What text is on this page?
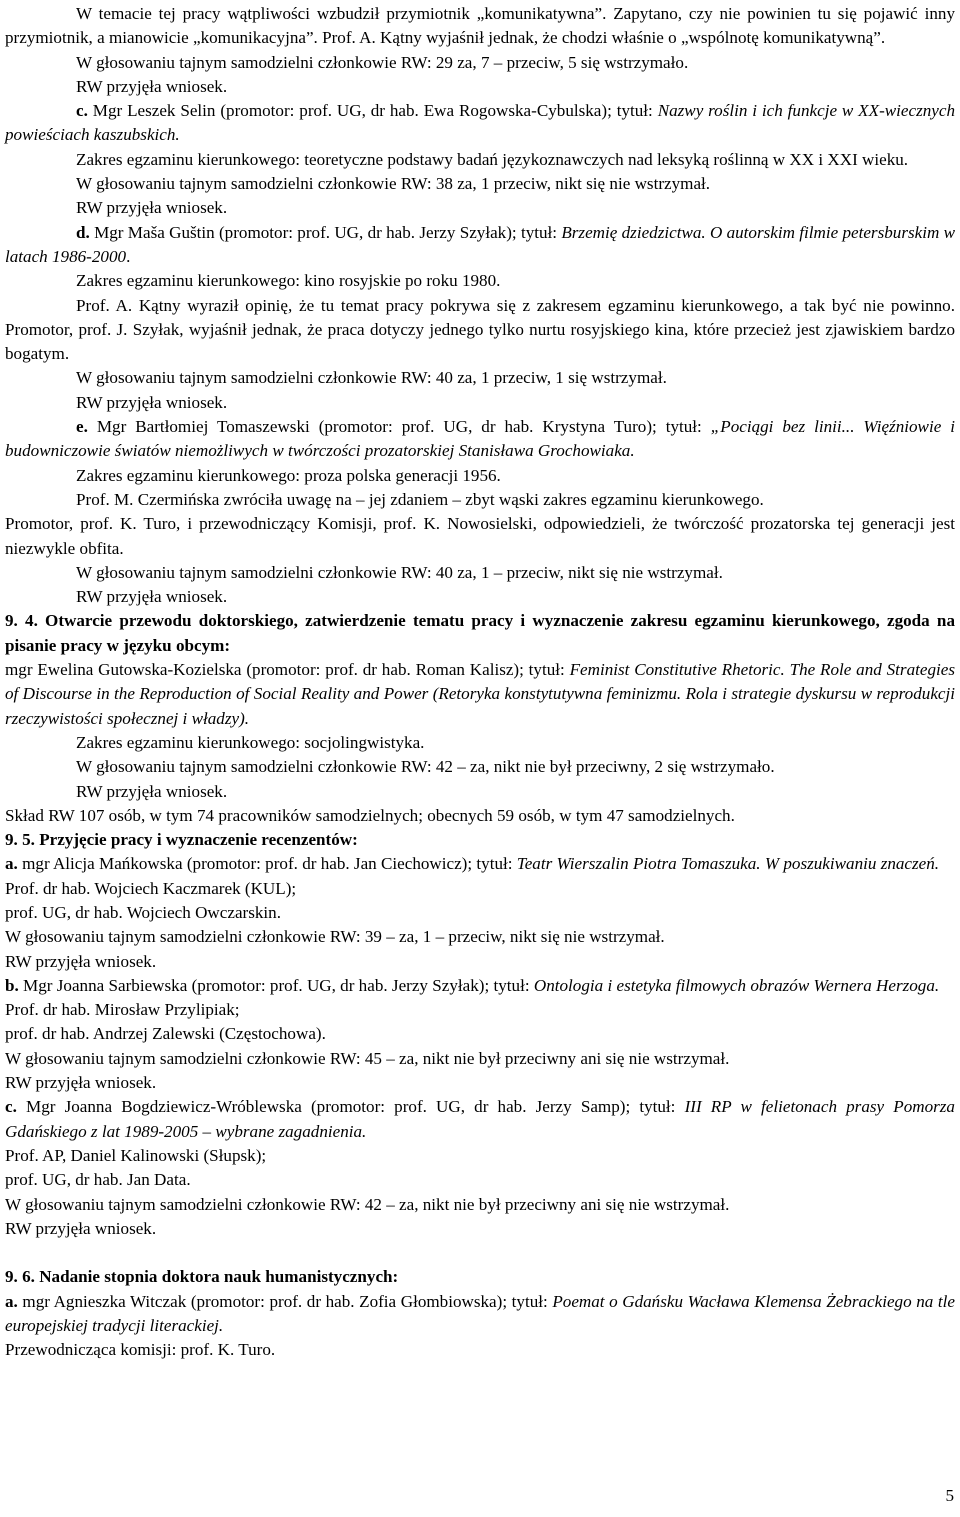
W temacie tej pracy wątpliwości wzbudził przymiotnik „komunikatywna”. Zapytano, czy nie powinien tu się pojawić inny przymiotnik, a mianowicie „komunikacyjna”. Prof. A. Kątny wyjaśnił jednak, że chodzi właśnie o „wspólnotę komunikatywną”.

W głosowaniu tajnym samodzielni członkowie RW: 29 za, 7 – przeciw, 5 się wstrzymało.

RW przyjęła wniosek.

c. Mgr Leszek Selin (promotor: prof. UG, dr hab. Ewa Rogowska-Cybulska); tytuł: Nazwy roślin i ich funkcje w XX-wiecznych powieściach kaszubskich.

Zakres egzaminu kierunkowego: teoretyczne podstawy badań językoznawczych nad leksyką roślinną w XX i XXI wieku.

W głosowaniu tajnym samodzielni członkowie RW: 38 za, 1 przeciw, nikt się nie wstrzymał.

RW przyjęła wniosek.

d. Mgr Maša Guštin (promotor: prof. UG, dr hab. Jerzy Szyłak); tytuł: Brzemię dziedzictwa. O autorskim filmie petersburskim w latach 1986-2000.

Zakres egzaminu kierunkowego: kino rosyjskie po roku 1980.

Prof. A. Kątny wyraził opinię, że tu temat pracy pokrywa się z zakresem egzaminu kierunkowego, a tak być nie powinno. Promotor, prof. J. Szyłak, wyjaśnił jednak, że praca dotyczy jednego tylko nurtu rosyjskiego kina, które przecież jest zjawiskiem bardzo bogatym.

W głosowaniu tajnym samodzielni członkowie RW: 40 za, 1 przeciw, 1 się wstrzymał.

RW przyjęła wniosek.

e. Mgr Bartłomiej Tomaszewski (promotor: prof. UG, dr hab. Krystyna Turo); tytuł: „Pociągi bez linii... Więźniowie i budowniczowie światów niemożliwych w twórczości prozatorskiej Stanisława Grochowiaka.

Zakres egzaminu kierunkowego: proza polska generacji 1956.

Prof. M. Czermińska zwróciła uwagę na – jej zdaniem – zbyt wąski zakres egzaminu kierunkowego.

Promotor, prof. K. Turo, i przewodniczący Komisji, prof. K. Nowosielski, odpowiedzieli, że twórczość prozatorska tej generacji jest niezwykle obfita.

W głosowaniu tajnym samodzielni członkowie RW: 40 za, 1 – przeciw, nikt się nie wstrzymał.

RW przyjęła wniosek.

9. 4. Otwarcie przewodu doktorskiego, zatwierdzenie tematu pracy i wyznaczenie zakresu egzaminu kierunkowego, zgoda na pisanie pracy w języku obcym:

mgr Ewelina Gutowska-Kozielska (promotor: prof. dr hab. Roman Kalisz); tytuł: Feminist Constitutive Rhetoric. The Role and Strategies of Discourse in the Reproduction of Social Reality and Power (Retoryka konstytutywna feminizmu. Rola i strategie dyskursu w reprodukcji rzeczywistości społecznej i władzy).

Zakres egzaminu kierunkowego: socjolingwistyka.

W głosowaniu tajnym samodzielni członkowie RW: 42 – za, nikt nie był przeciwny, 2 się wstrzymało.

RW przyjęła wniosek.

Skład RW 107 osób, w tym 74 pracowników samodzielnych; obecnych 59 osób, w tym 47 samodzielnych.

9. 5. Przyjęcie pracy i wyznaczenie recenzentów:

a. mgr Alicja Mańkowska (promotor: prof. dr hab. Jan Ciechowicz); tytuł: Teatr Wierszalin Piotra Tomaszuka. W poszukiwaniu znaczeń.

Prof. dr hab. Wojciech Kaczmarek (KUL);

prof. UG, dr hab. Wojciech Owczarskin.

W głosowaniu tajnym samodzielni członkowie RW: 39 – za, 1 – przeciw, nikt się nie wstrzymał.

RW przyjęła wniosek.

b. Mgr Joanna Sarbiewska (promotor: prof. UG, dr hab. Jerzy Szyłak); tytuł: Ontologia i estetyka filmowych obrazów Wernera Herzoga.

Prof. dr hab. Mirosław Przylipiak;

prof. dr hab. Andrzej Zalewski (Częstochowa).

W głosowaniu tajnym samodzielni członkowie RW: 45 – za, nikt nie był przeciwny ani się nie wstrzymał.

RW przyjęła wniosek.

c. Mgr Joanna Bogdziewicz-Wróblewska (promotor: prof. UG, dr hab. Jerzy Samp); tytuł: III RP w felietonach prasy Pomorza Gdańskiego z lat 1989-2005 – wybrane zagadnienia.

Prof. AP, Daniel Kalinowski (Słupsk);

prof. UG, dr hab. Jan Data.

W głosowaniu tajnym samodzielni członkowie RW: 42 – za, nikt nie był przeciwny ani się nie wstrzymał.

RW przyjęła wniosek.

9. 6. Nadanie stopnia doktora nauk humanistycznych:

a. mgr Agnieszka Witczak (promotor: prof. dr hab. Zofia Głombiowska); tytuł: Poemat o Gdańsku Wacława Klemensa Żebrackiego na tle europejskiej tradycji literackiej.

Przewodnicząca komisji: prof. K. Turo.

5
